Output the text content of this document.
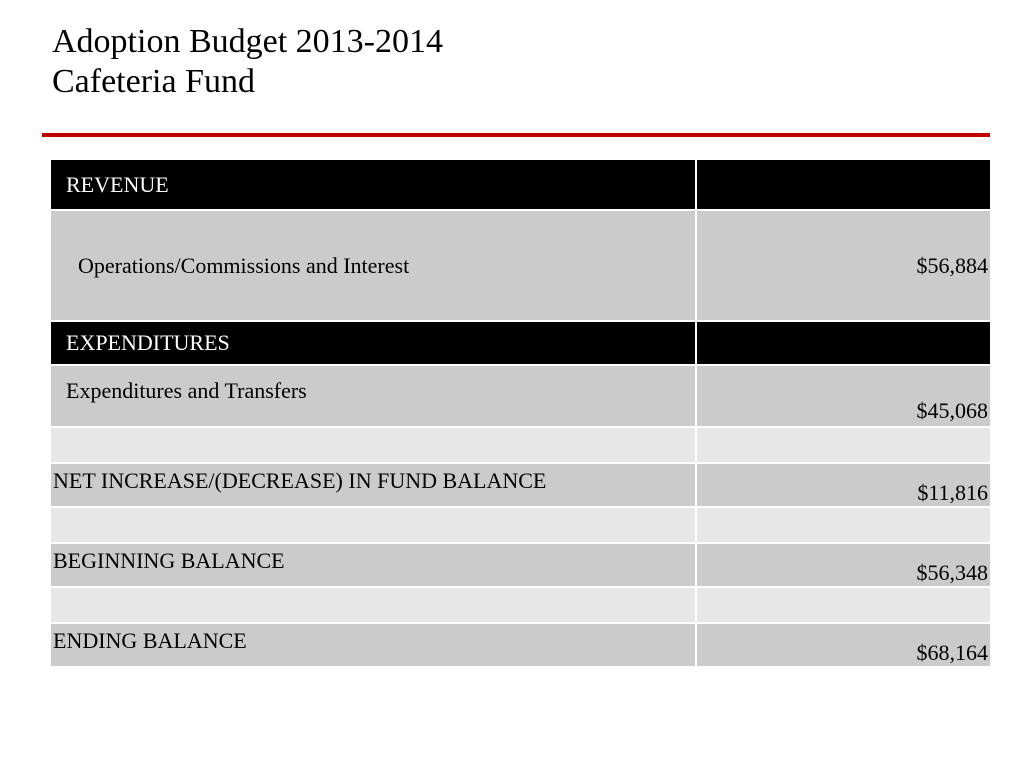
Adoption Budget 2013-2014
Cafeteria Fund
REVENUE	
Operations/Commissions and Interest	$56,884
EXPENDITURES	
Expenditures and Transfers	$45,068

NET INCREASE/(DECREASE) IN FUND BALANCE	$11,816

BEGINNING BALANCE	$56,348

ENDING BALANCE	$68,164
